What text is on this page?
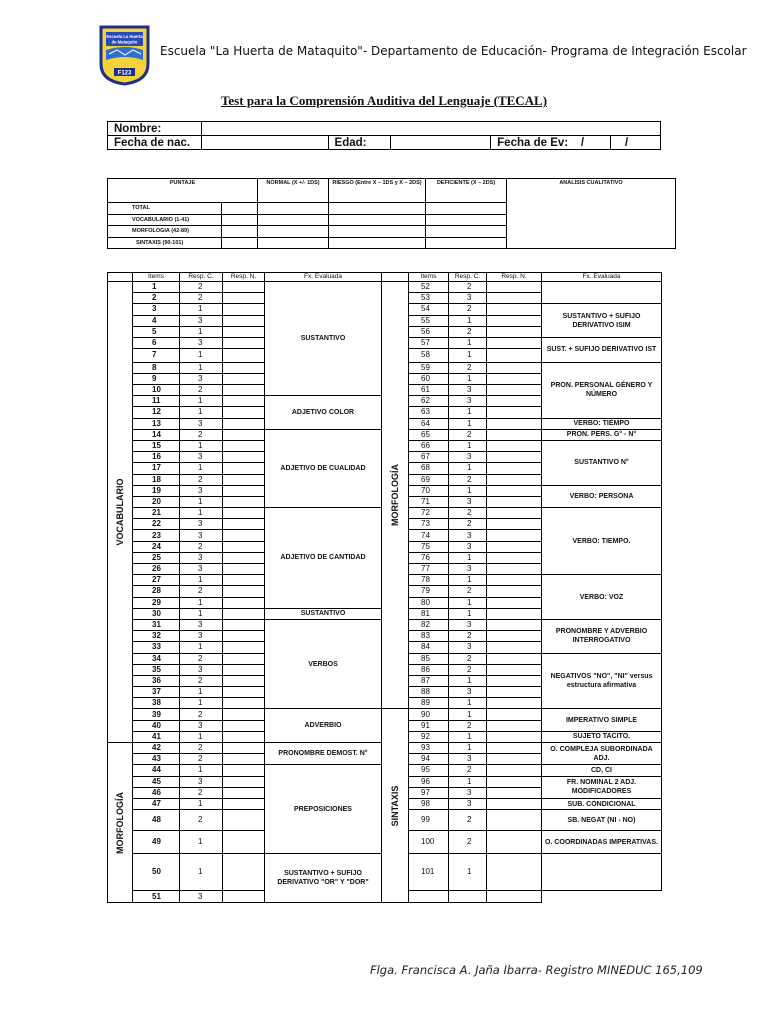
Escuela La Huerta
de Mataquito
F123
Escuela "La Huerta de Mataquito"- Departamento de Educación- Programa de Integración Escolar
Test para la Comprensión Auditiva del Lenguaje (TECAL)
Nombre:					
Fecha de nac.		Edad:		Fecha de Ev: /	/
PUNTAJE		NORMAL (X +/- 1DS)	RIESGO (Entre X – 1DS y X – 2DS)	DEFICIENTE (X – 2DS)	ANALISIS CUALITATIVO
TOTAL					
VOCABULARIO (1-41)					
MORFOLOGIA (42-89)					
SINTAXIS (90-101)					
	Items	Resp. C.	Resp. N.	Fx. Evaluada		Items	Resp. C.	Resp. N.	Fx. Evaluada

VOCABULARIO	1	2		SUSTANTIVO	MORFOLOGÍA	52	2		
	2	2				53	3		
	3	1				54	2		SUSTANTIVO + SUFIJO DERIVATIVO ISIM
	4	3				55	1		
	5	1				56	2		
	6	3				57	1		SUST. + SUFIJO DERIVATIVO IST
	7	1				58	1		
	8	1				59	2		PRON. PERSONAL GÉNERO Y NÚMERO
	9	3				60	1		
	10	2				61	3		
	11	1		ADJETIVO COLOR		62	3		
	12	1				63	1		
	13	3				64	1		VERBO: TIEMPO
	14	2		ADJETIVO DE CUALIDAD		65	2		PRON. PERS. G° - N°
	15	1				66	1		SUSTANTIVO N°
	16	3				67	3		
	17	1				68	1		
	18	2				69	2		
	19	3				70	1		VERBO: PERSONA
	20	1				71	3		
	21	1		ADJETIVO DE CANTIDAD		72	2		VERBO: TIEMPO.
	22	3				73	2		
	23	3				74	3		
	24	2				75	3		
	25	3				76	1		
	26	3				77	3		
	27	1				78	1		VERBO: VOZ
	28	2				79	2		
	29	1				80	1		
	30	1		SUSTANTIVO		81	1		
	31	3		VERBOS		82	3		PRONOMBRE Y ADVERBIO INTERROGATIVO
	32	3				83	2		
	33	1				84	3		
	34	2				85	2		NEGATIVOS "NO", "NI" versus estructura afirmativa
	35	3				86	2		
	36	2				87	1		
	37	1				88	3		
	38	1				89	1		
	39	2		ADVERBIO	SINTAXIS	90	1		IMPERATIVO SIMPLE
	40	3				91	2		
	41	1				92	1		SUJETO TACITO.

MORFOLOGÍA	42	2		PRONOMBRE DEMOST. N°		93	1		O. COMPLEJA SUBORDINADA ADJ.
	43	2				94	3		
	44	1		PREPOSICIONES		95	2		CD, CI
	45	3				96	1		FR. NOMINAL 2 ADJ. MODIFICADORES
	46	2				97	3		
	47	1				98	3		SUB. CONDICIONAL
	48	2				99	2		SB. NEGAT (NI - NO)
	49	1				100	2		O. COORDINADAS IMPERATIVAS.
	50	1		SUSTANTIVO + SUFIJO DERIVATIVO "OR" Y "DOR"		101	1		
	51	3							
Flga. Francisca A. Jaña Ibarra- Registro MINEDUC 165,109
